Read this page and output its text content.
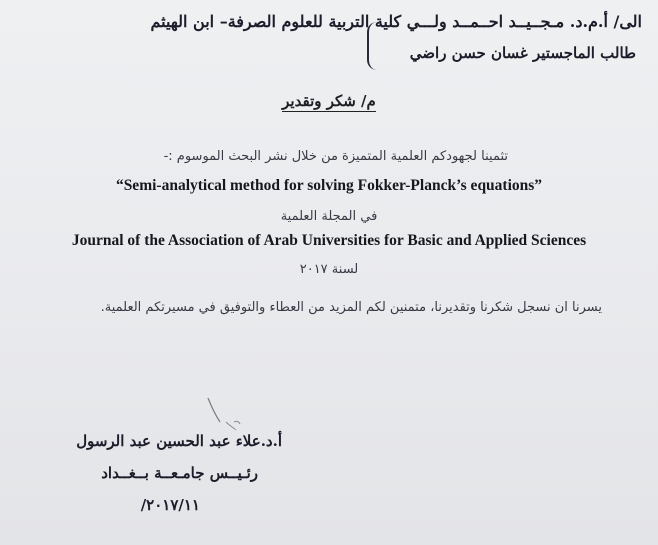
الى/ أ.م.د. مـجــيــد احــمــد ولـــي كلية التربية للعلوم الصرفة– ابن الهيثم
طالب الماجستير غسان حسن راضي
م/ شكر وتقدير
تثمينا لجهودكم العلمية المتميزة من خلال نشر البحث الموسوم :-
“Semi-analytical method for solving Fokker-Planck’s equations”
في المجلة العلمية
Journal of the Association of Arab Universities for Basic and Applied Sciences
لسنة ٢٠١٧
يسرنا ان نسجل شكرنا وتقديرنا، متمنين لكم المزيد من العطاء والتوفيق في مسيرتكم العلمية.
أ.د.علاء عبد الحسين عبد الرسول
رئـيــس جامـعــة بــغــداد
٢٠١٧/١١/
